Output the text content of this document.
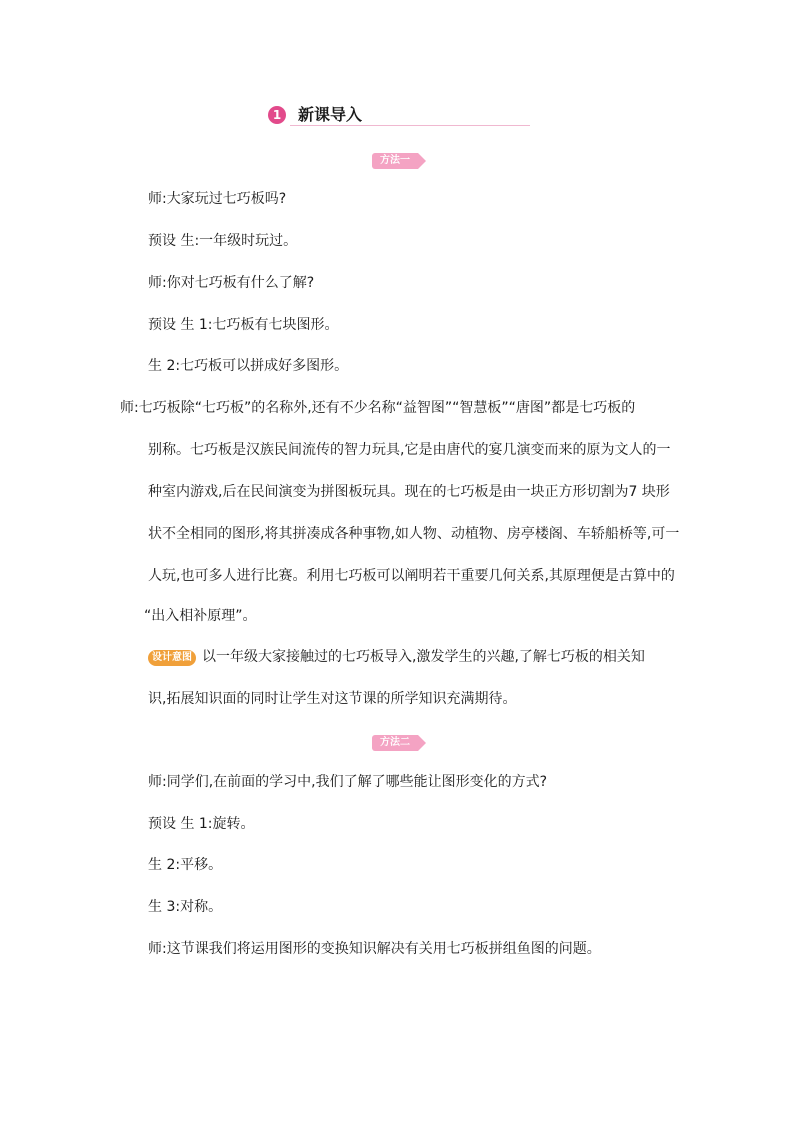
1	新课导入
方法一
师:大家玩过七巧板吗?
预设 生:一年级时玩过。
师:你对七巧板有什么了解?
预设 生 1:七巧板有七块图形。
生 2:七巧板可以拼成好多图形。
师:七巧板除“七巧板”的名称外,还有不少名称“益智图”“智慧板”“唐图”都是七巧板的
别称。七巧板是汉族民间流传的智力玩具,它是由唐代的宴几演变而来的原为文人的一
种室内游戏,后在民间演变为拼图板玩具。现在的七巧板是由一块正方形切割为7 块形
状不全相同的图形,将其拼凑成各种事物,如人物、动植物、房亭楼阁、车轿船桥等,可一
人玩,也可多人进行比赛。利用七巧板可以阐明若干重要几何关系,其原理便是古算中的
“出入相补原理”。
设计意图 以一年级大家接触过的七巧板导入,激发学生的兴趣,了解七巧板的相关知
识,拓展知识面的同时让学生对这节课的所学知识充满期待。
方法二
师:同学们,在前面的学习中,我们了解了哪些能让图形变化的方式?
预设 生 1:旋转。
生 2:平移。
生 3:对称。
师:这节课我们将运用图形的变换知识解决有关用七巧板拼组鱼图的问题。
